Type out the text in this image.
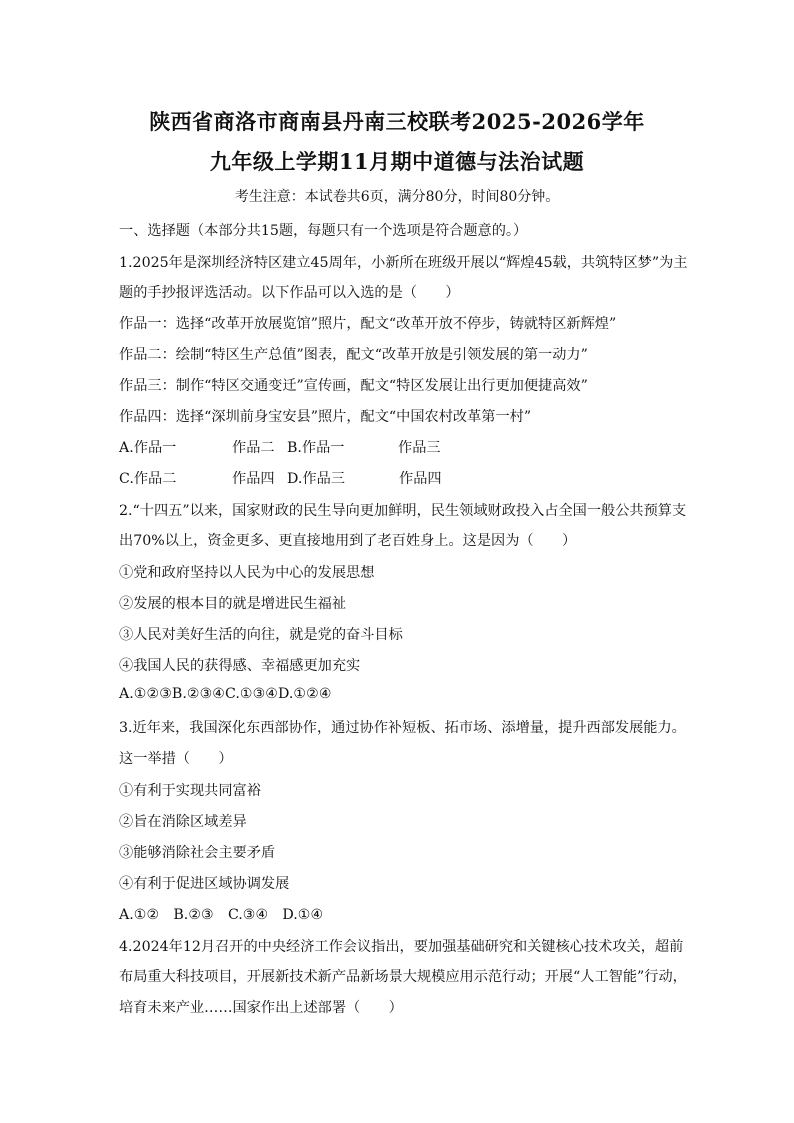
陕西省商洛市商南县丹南三校联考2025-2026学年
九年级上学期11月期中道德与法治试题
考生注意：本试卷共6页，满分80分，时间80分钟。
一、选择题（本部分共15题，每题只有一个选项是符合题意的。）
1.2025年是深圳经济特区建立45周年，小新所在班级开展以“辉煌45载，共筑特区梦”为主
题的手抄报评选活动。以下作品可以入选的是（　　）
作品一：选择“改革开放展览馆”照片，配文“改革开放不停步，铸就特区新辉煌”
作品二：绘制“特区生产总值”图表，配文“改革开放是引领发展的第一动力”
作品三：制作“特区交通变迁”宣传画，配文“特区发展让出行更加便捷高效”
作品四：选择“深圳前身宝安县”照片，配文“中国农村改革第一村”
A.作品一	作品二 B.作品一	作品三
C.作品二	作品四 D.作品三	作品四
2.“十四五”以来，国家财政的民生导向更加鲜明，民生领域财政投入占全国一般公共预算支
出70%以上，资金更多、更直接地用到了老百姓身上。这是因为（　　）
①党和政府坚持以人民为中心的发展思想
②发展的根本目的就是增进民生福祉
③人民对美好生活的向往，就是党的奋斗目标
④我国人民的获得感、幸福感更加充实
A.①②③B.②③④C.①③④D.①②④
3.近年来，我国深化东西部协作，通过协作补短板、拓市场、添增量，提升西部发展能力。
这一举措（　　）
①有利于实现共同富裕
②旨在消除区域差异
③能够消除社会主要矛盾
④有利于促进区域协调发展
A.①②　B.②③　C.③④　D.①④
4.2024年12月召开的中央经济工作会议指出，要加强基础研究和关键核心技术攻关，超前
布局重大科技项目，开展新技术新产品新场景大规模应用示范行动；开展“人工智能”行动，
培育未来产业……国家作出上述部署（　　）
